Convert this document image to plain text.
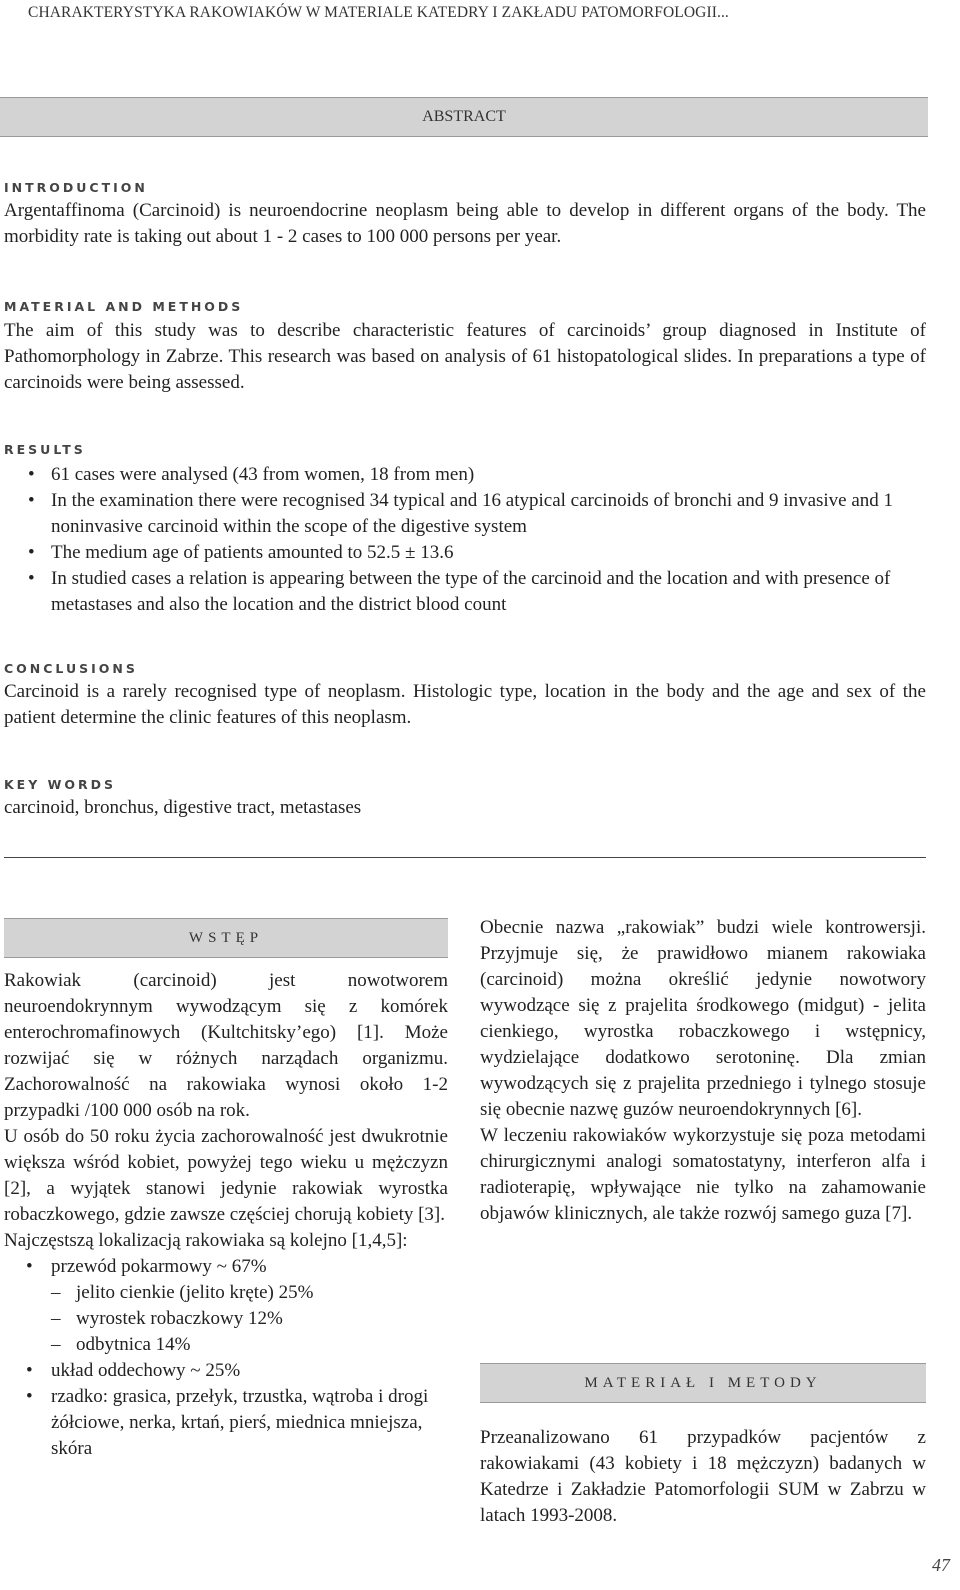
CHARAKTERYSTYKA RAKOWIAKÓW W MATERIALE KATEDRY I ZAKŁADU PATOMORFOLOGII...
ABSTRACT
INTRODUCTION
Argentaffinoma (Carcinoid) is neuroendocrine neoplasm being able to develop in different organs of the body. The morbidity rate is taking out about 1 - 2 cases to 100 000 persons per year.
MATERIAL AND METHODS
The aim of this study was to describe characteristic features of carcinoids’ group diagnosed in Institute of Pathomorphology in Zabrze. This research was based on analysis of 61 histopatological slides. In preparations a type of carcinoids were being assessed.
RESULTS
• 61 cases were analysed (43 from women, 18 from men)
• In the examination there were recognised 34 typical and 16 atypical carcinoids of bronchi and 9 invasive and 1 noninvasive carcinoid within the scope of the digestive system
• The medium age of patients amounted to 52.5 ± 13.6
• In studied cases a relation is appearing between the type of the carcinoid and the location and with presence of metastases and also the location and the district blood count
CONCLUSIONS
Carcinoid is a rarely recognised type of neoplasm. Histologic type, location in the body and the age and sex of the patient determine the clinic features of this neoplasm.
KEY WORDS
carcinoid, bronchus, digestive tract, metastases
WSTĘP

Rakowiak (carcinoid) jest nowotworem neuroendokrynnym wywodzącym się z komórek enterochromafinowych (Kultchitsky’ego) [1]. Może rozwijać się w różnych narządach organizmu. Zachorowalność na rakowiaka wynosi około 1-2 przypadki /100 000 osób na rok.

U osób do 50 roku życia zachorowalność jest dwukrotnie większa wśród kobiet, powyżej tego wieku u mężczyzn [2], a wyjątek stanowi jedynie rakowiak wyrostka robaczkowego, gdzie zawsze częściej chorują kobiety [3].

Najczęstszą lokalizacją rakowiaka są kolejno [1,4,5]:

• przewód pokarmowy ~ 67%
– jelito cienkie (jelito kręte) 25%
– wyrostek robaczkowy 12%
– odbytnica 14%
• układ oddechowy ~ 25%
• rzadko: grasica, przełyk, trzustka, wątroba i drogi żółciowe, nerka, krtań, pierś, miednica mniejsza, skóra

Obecnie nazwa „rakowiak” budzi wiele kontrowersji. Przyjmuje się, że prawidłowo mianem rakowiaka (carcinoid) można określić jedynie nowotwory wywodzące się z prajelita środkowego (midgut) - jelita cienkiego, wyrostka robaczkowego i wstępnicy, wydzielające dodatkowo serotoninę. Dla zmian wywodzących się z prajelita przedniego i tylnego stosuje się obecnie nazwę guzów neuroendokrynnych [6].

W leczeniu rakowiaków wykorzystuje się poza metodami chirurgicznymi analogi somatostatyny, interferon alfa i radioterapię, wpływające nie tylko na zahamowanie objawów klinicznych, ale także rozwój samego guza [7].

MATERIAŁ I METODY

Przeanalizowano 61 przypadków pacjentów z rakowiakami (43 kobiety i 18 mężczyzn) badanych w Katedrze i Zakładzie Patomorfologii SUM w Zabrzu w latach 1993-2008.

47
